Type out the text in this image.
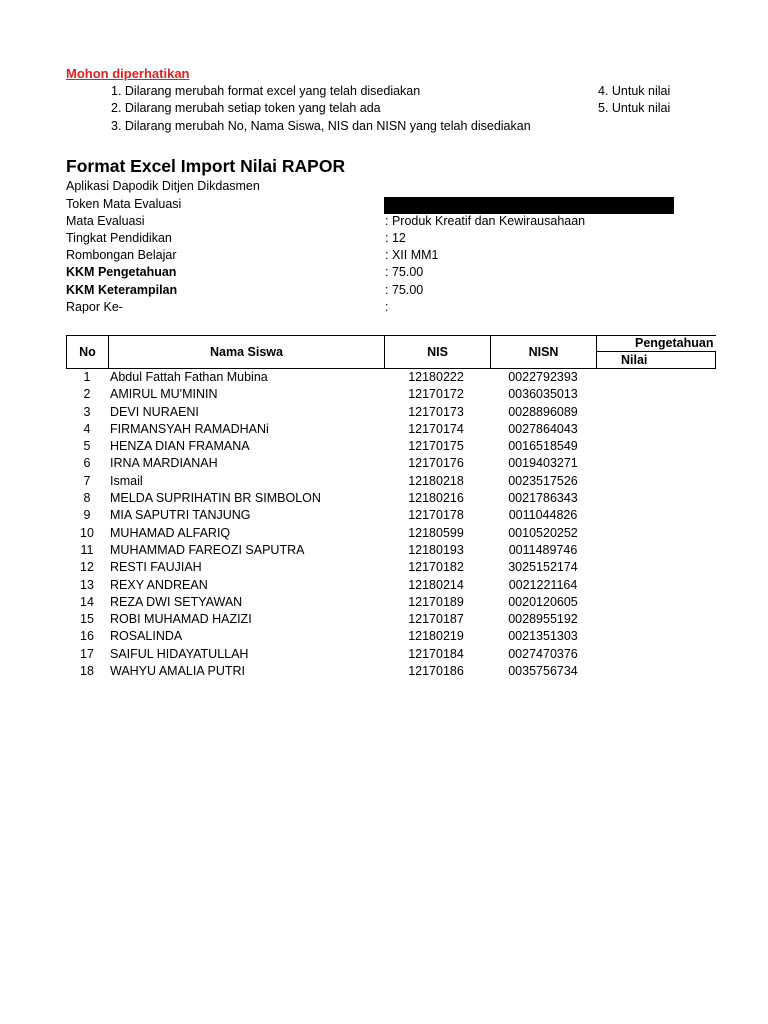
Mohon diperhatikan
1. Dilarang merubah format excel yang telah disediakan
2. Dilarang merubah setiap token yang telah ada
3. Dilarang merubah No, Nama Siswa, NIS dan NISN yang telah disediakan
4. Untuk nilai
5. Untuk nilai
Format Excel Import Nilai RAPOR
Aplikasi Dapodik Ditjen Dikdasmen
Token Mata Evaluasi
Mata Evaluasi	: Produk Kreatif dan Kewirausahaan
Tingkat Pendidikan	: 12
Rombongan Belajar	: XII MM1
KKM Pengetahuan	: 75.00
KKM Keterampilan	: 75.00
Rapor Ke-	:
No	Nama Siswa	NIS	NISN
Pengetahuan
Nilai
1	Abdul Fattah Fathan Mubina	12180222	0022792393
2	AMIRUL MU'MININ	12170172	0036035013
3	DEVI NURAENI	12170173	0028896089
4	FIRMANSYAH RAMADHANi	12170174	0027864043
5	HENZA DIAN FRAMANA	12170175	0016518549
6	IRNA MARDIANAH	12170176	0019403271
7	Ismail	12180218	0023517526
8	MELDA SUPRIHATIN BR SIMBOLON	12180216	0021786343
9	MIA SAPUTRI TANJUNG	12170178	0011044826
10	MUHAMAD ALFARIQ	12180599	0010520252
11	MUHAMMAD FAREOZI SAPUTRA	12180193	0011489746
12	RESTI FAUJIAH	12170182	3025152174
13	REXY ANDREAN	12180214	0021221164
14	REZA DWI SETYAWAN	12170189	0020120605
15	ROBI MUHAMAD HAZIZI	12170187	0028955192
16	ROSALINDA	12180219	0021351303
17	SAIFUL HIDAYATULLAH	12170184	0027470376
18	WAHYU AMALIA PUTRI	12170186	0035756734
